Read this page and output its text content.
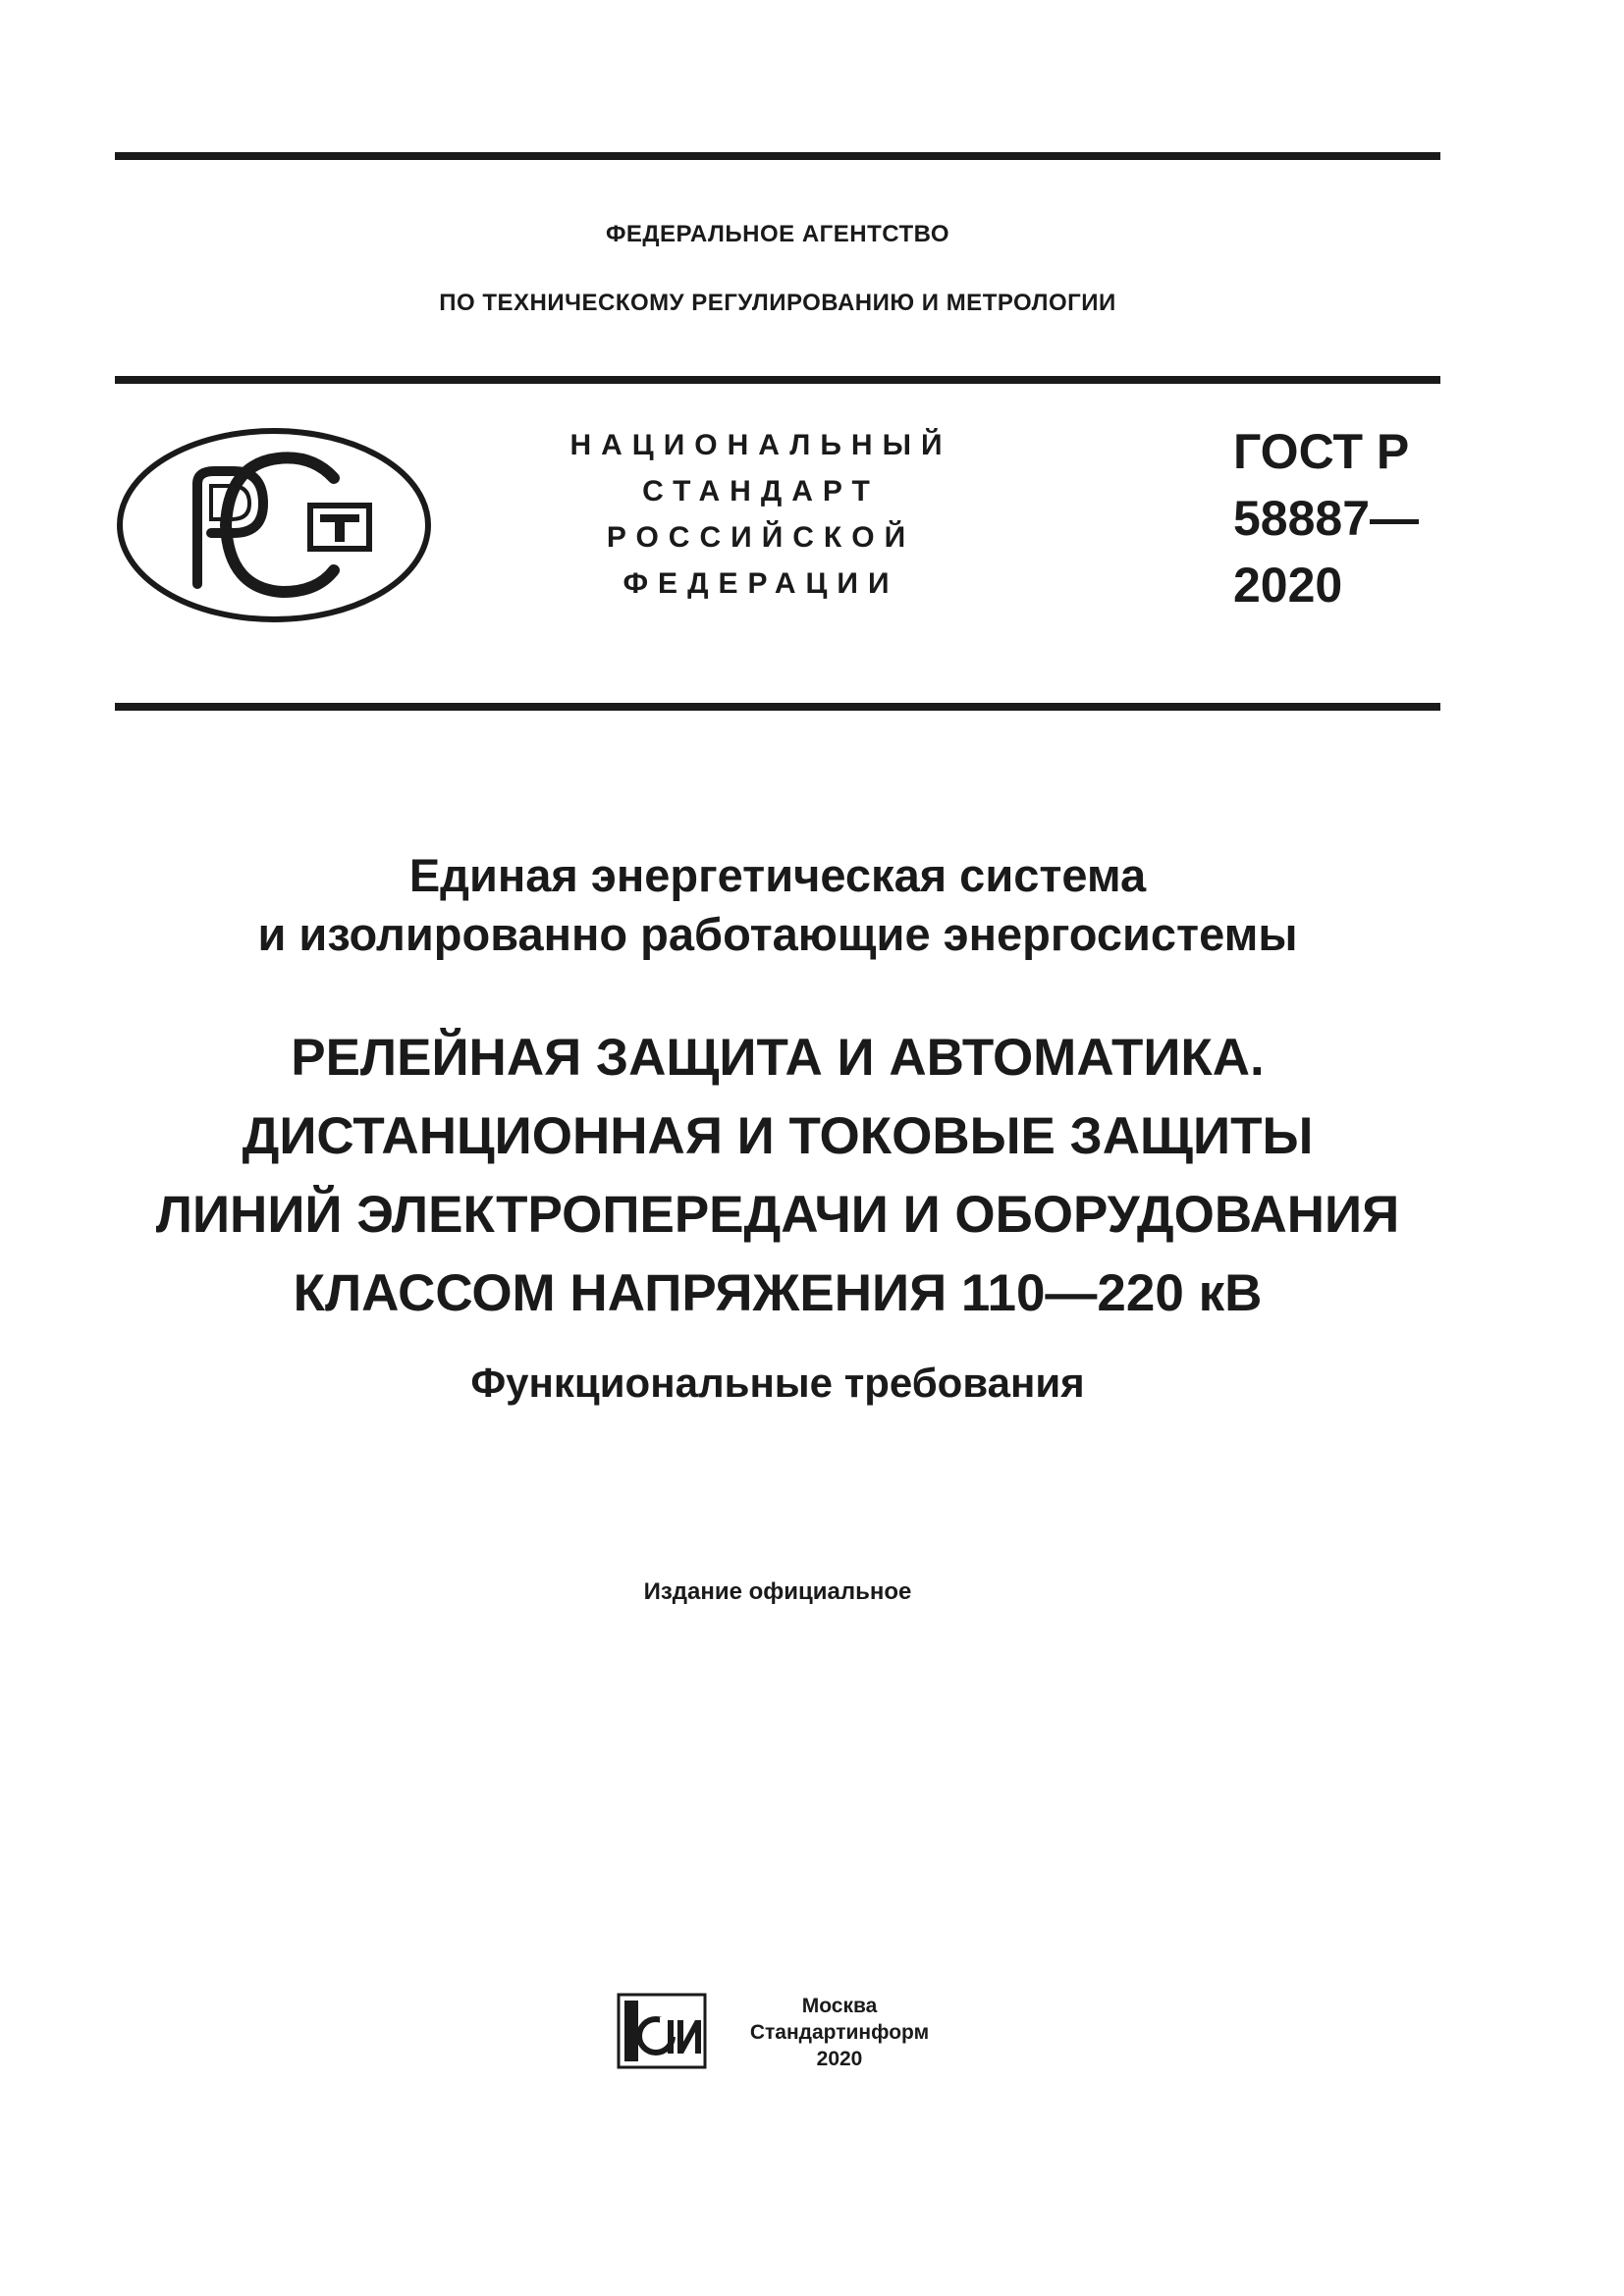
ФЕДЕРАЛЬНОЕ АГЕНТСТВО
ПО ТЕХНИЧЕСКОМУ РЕГУЛИРОВАНИЮ И МЕТРОЛОГИИ
НАЦИОНАЛЬНЫЙ
СТАНДАРТ
РОССИЙСКОЙ
ФЕДЕРАЦИИ
ГОСТ Р
58887—
2020
Единая энергетическая система
и изолированно работающие энергосистемы
РЕЛЕЙНАЯ ЗАЩИТА И АВТОМАТИКА.
ДИСТАНЦИОННАЯ И ТОКОВЫЕ ЗАЩИТЫ
ЛИНИЙ ЭЛЕКТРОПЕРЕДАЧИ И ОБОРУДОВАНИЯ
КЛАССОМ НАПРЯЖЕНИЯ 110—220 кВ
Функциональные требования
Издание официальное
Москва
Стандартинформ
2020
